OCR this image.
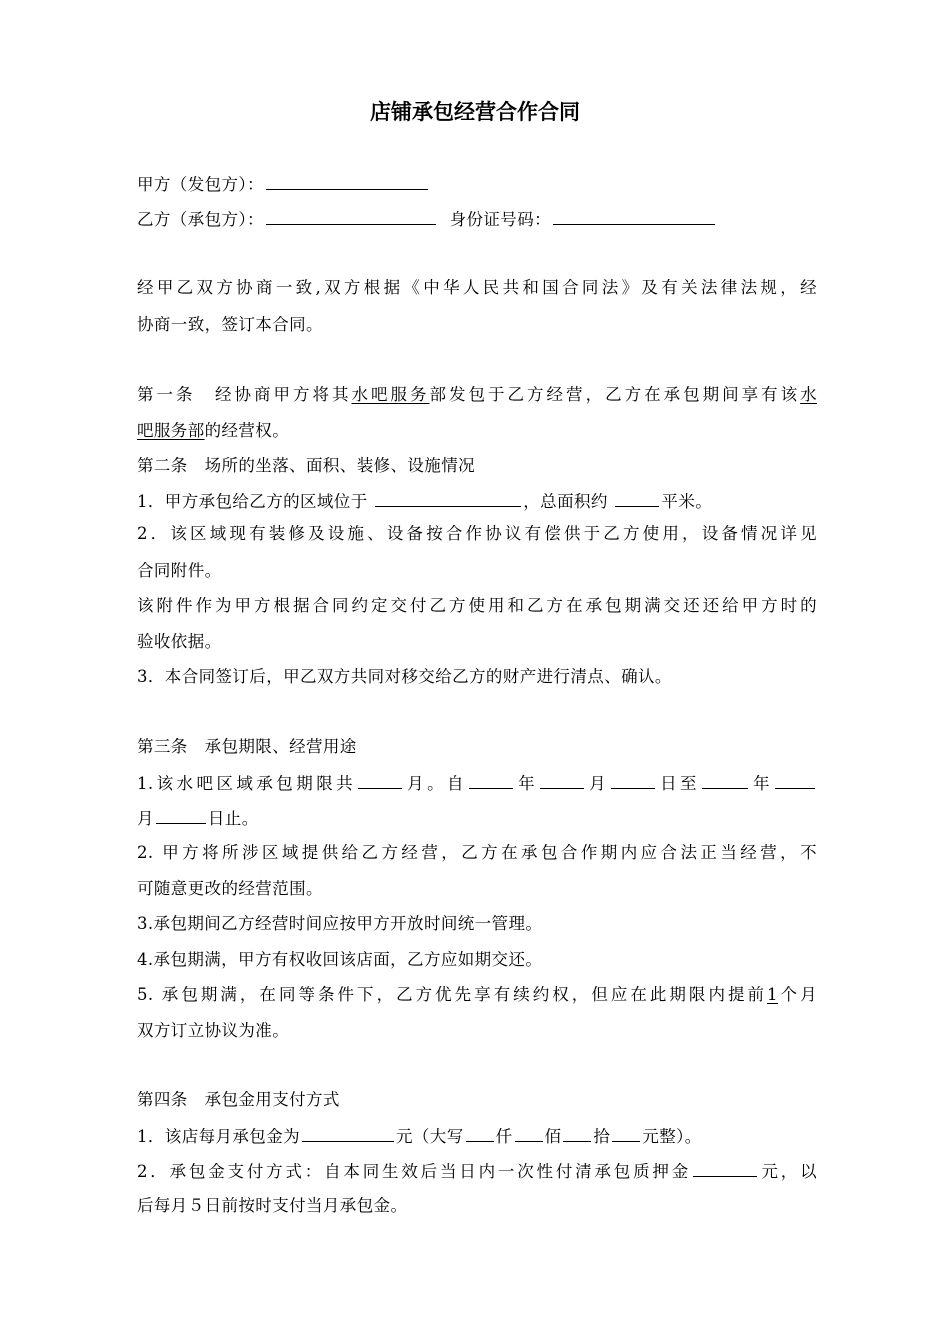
店铺承包经营合作合同
甲方（发包方）：
乙方（承包方）：	身份证号码：
经甲乙双方协商一致,双方根据《中华人民共和国合同法》及有关法律法规，经
协商一致，签订本合同。
第一条　经协商甲方将其水吧服务部发包于乙方经营，乙方在承包期间享有该水
吧服务部的经营权。
第二条　场所的坐落、面积、装修、设施情况
1．甲方承包给乙方的区域位于	，总面积约	平米。
2．该区域现有装修及设施、设备按合作协议有偿供于乙方使用，设备情况详见
合同附件。
该附件作为甲方根据合同约定交付乙方使用和乙方在承包期满交还还给甲方时的
验收依据。
3．本合同签订后，甲乙双方共同对移交给乙方的财产进行清点、确认。
第三条　承包期限、经营用途
1.该水吧区域承包期限共	月。自	年	月	日至	年
月	日止。
2. 甲方将所涉区域提供给乙方经营，乙方在承包合作期内应合法正当经营，不
可随意更改的经营范围。
3.承包期间乙方经营时间应按甲方开放时间统一管理。
4.承包期满，甲方有权收回该店面，乙方应如期交还。
5. 承包期满，在同等条件下，乙方优先享有续约权，但应在此期限内提前1个月
双方订立协议为准。
第四条　承包金用支付方式
1．该店每月承包金为	元（大写 仟 佰 拾 元整）。
2．承包金支付方式：自本同生效后当日内一次性付清承包质押金	元，以
后每月５日前按时支付当月承包金。
